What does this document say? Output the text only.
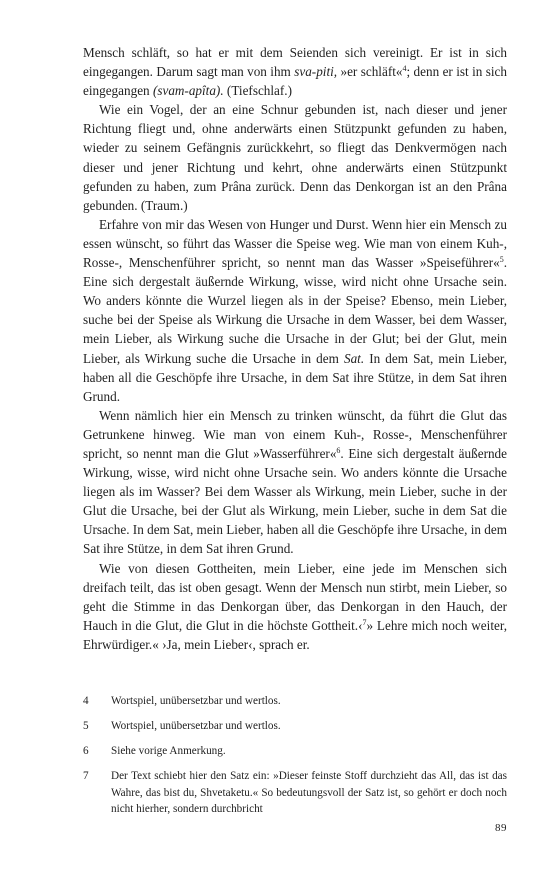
Mensch schläft, so hat er mit dem Seienden sich vereinigt. Er ist in sich eingegangen. Darum sagt man von ihm sva-piti, »er schläft«$^4$; denn er ist in sich eingegangen (svam-apîta). (Tiefschlaf.)

Wie ein Vogel, der an eine Schnur gebunden ist, nach dieser und jener Richtung fliegt und, ohne anderwärts einen Stützpunkt gefunden zu haben, wieder zu seinem Gefängnis zurückkehrt, so fliegt das Denkvermögen nach dieser und jener Richtung und kehrt, ohne anderwärts einen Stützpunkt gefunden zu haben, zum Prâna zurück. Denn das Denkorgan ist an den Prâna gebunden. (Traum.)

Erfahre von mir das Wesen von Hunger und Durst. Wenn hier ein Mensch zu essen wünscht, so führt das Wasser die Speise weg. Wie man von einem Kuh-, Rosse-, Menschenführer spricht, so nennt man das Wasser »Speiseführer«$^5$. Eine sich dergestalt äußernde Wirkung, wisse, wird nicht ohne Ursache sein. Wo anders könnte die Wurzel liegen als in der Speise? Ebenso, mein Lieber, suche bei der Speise als Wirkung die Ursache in dem Wasser, bei dem Wasser, mein Lieber, als Wirkung suche die Ursache in der Glut; bei der Glut, mein Lieber, als Wirkung suche die Ursache in dem Sat. In dem Sat, mein Lieber, haben all die Geschöpfe ihre Ursache, in dem Sat ihre Stütze, in dem Sat ihren Grund.

Wenn nämlich hier ein Mensch zu trinken wünscht, da führt die Glut das Getrunkene hinweg. Wie man von einem Kuh-, Rosse-, Menschenführer spricht, so nennt man die Glut »Wasserführer«$^6$. Eine sich dergestalt äußernde Wirkung, wisse, wird nicht ohne Ursache sein. Wo anders könnte die Ursache liegen als im Wasser? Bei dem Wasser als Wirkung, mein Lieber, suche in der Glut die Ursache, bei der Glut als Wirkung, mein Lieber, suche in dem Sat die Ursache. In dem Sat, mein Lieber, haben all die Geschöpfe ihre Ursache, in dem Sat ihre Stütze, in dem Sat ihren Grund.

Wie von diesen Gottheiten, mein Lieber, eine jede im Menschen sich dreifach teilt, das ist oben gesagt. Wenn der Mensch nun stirbt, mein Lieber, so geht die Stimme in das Denkorgan über, das Denkorgan in den Hauch, der Hauch in die Glut, die Glut in die höchste Gottheit.‹$^7$» Lehre mich noch weiter, Ehrwürdiger.« ›Ja, mein Lieber‹, sprach er.

4	Wortspiel, unübersetzbar und wertlos.
5	Wortspiel, unübersetzbar und wertlos.
6	Siehe vorige Anmerkung.
7	Der Text schiebt hier den Satz ein: »Dieser feinste Stoff durchzieht das All, das ist das Wahre, das bist du, Shvetaketu.« So bedeutungsvoll der Satz ist, so gehört er doch noch nicht hierher, sondern durchbricht
89
